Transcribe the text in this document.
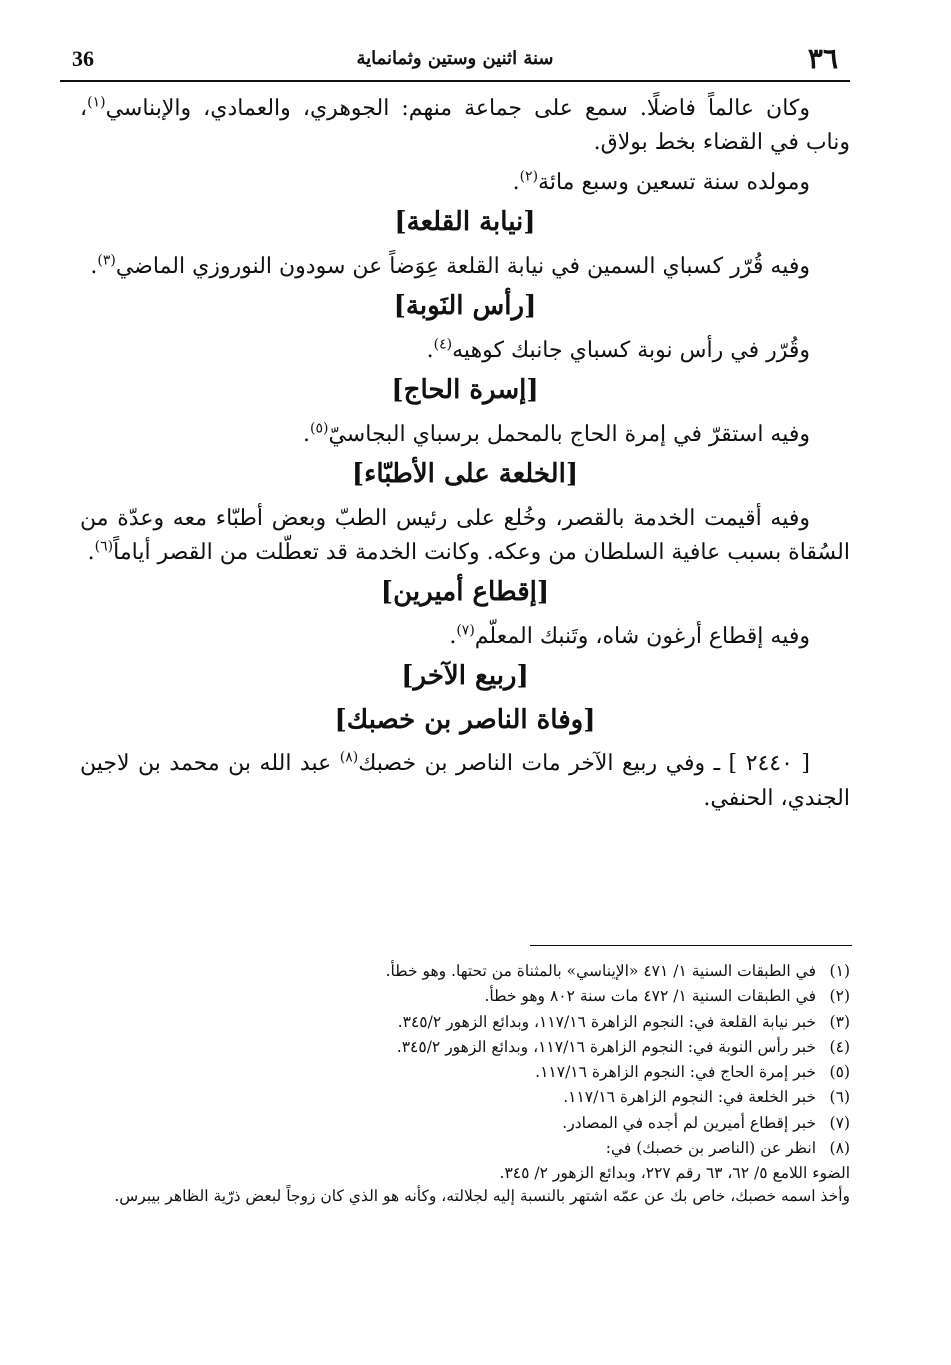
36	سنة اثنين وستين وثمانماية	٣٦

وكان عالماً فاضلًا. سمع على جماعة منهم: الجوهري، والعمادي، والإبناسي$^{(١)}$، وناب في القضاء بخط بولاق.

ومولده سنة تسعين وسبع مائة$^{(٢)}$.

[نيابة القلعة]

وفيه قُرّر كسباي السمين في نيابة القلعة عِوَضاً عن سودون النوروزي الماضي$^{(٣)}$.

[رأس النَوبة]

وقُرّر في رأس نوبة كسباي جانبك كوهيه$^{(٤)}$.

[إسرة الحاج]

وفيه استقرّ في إمرة الحاج بالمحمل برسباي البجاسيّ$^{(٥)}$.

[الخلعة على الأطبّاء]

وفيه أقيمت الخدمة بالقصر، وخُلع على رئيس الطبّ وبعض أطبّاء معه وعدّة من السُقاة بسبب عافية السلطان من وعكه. وكانت الخدمة قد تعطّلت من القصر أياماً$^{(٦)}$.

[إقطاع أميرين]

وفيه إقطاع أرغون شاه، وتَنبك المعلّم$^{(٧)}$.

[ربيع الآخر]
[وفاة الناصر بن خصبك]

[ ٢٤٤٠ ] ـ وفي ربيع الآخر مات الناصر بن خصبك$^{(٨)}$ عبد الله بن محمد بن لاجين الجندي، الحنفي.

(١)في الطبقات السنية ١/ ٤٧١ «الإيناسي» بالمثناة من تحتها. وهو خطأ.
(٢)في الطبقات السنية ١/ ٤٧٢ مات سنة ٨٠٢ وهو خطأ.
(٣)خبر نيابة القلعة في: النجوم الزاهرة ١١٧/١٦، وبدائع الزهور ٣٤٥/٢.
(٤)خبر رأس النوبة في: النجوم الزاهرة ١١٧/١٦، وبدائع الزهور ٣٤٥/٢.
(٥)خبر إمرة الحاج في: النجوم الزاهرة ١١٧/١٦.
(٦)خبر الخلعة في: النجوم الزاهرة ١١٧/١٦.
(٧)خبر إقطاع أميرين لم أجده في المصادر.
(٨)انظر عن (الناصر بن خصبك) في:

الضوء اللامع ٥/ ٦٢، ٦٣ رقم ٢٢٧، وبدائع الزهور ٢/ ٣٤٥.

وأخذ اسمه خصبك، خاص بك عن عمّه اشتهر بالنسبة إليه لجلالته، وكأنه هو الذي كان زوجاً لبعض ذرّية الظاهر بيبرس.
